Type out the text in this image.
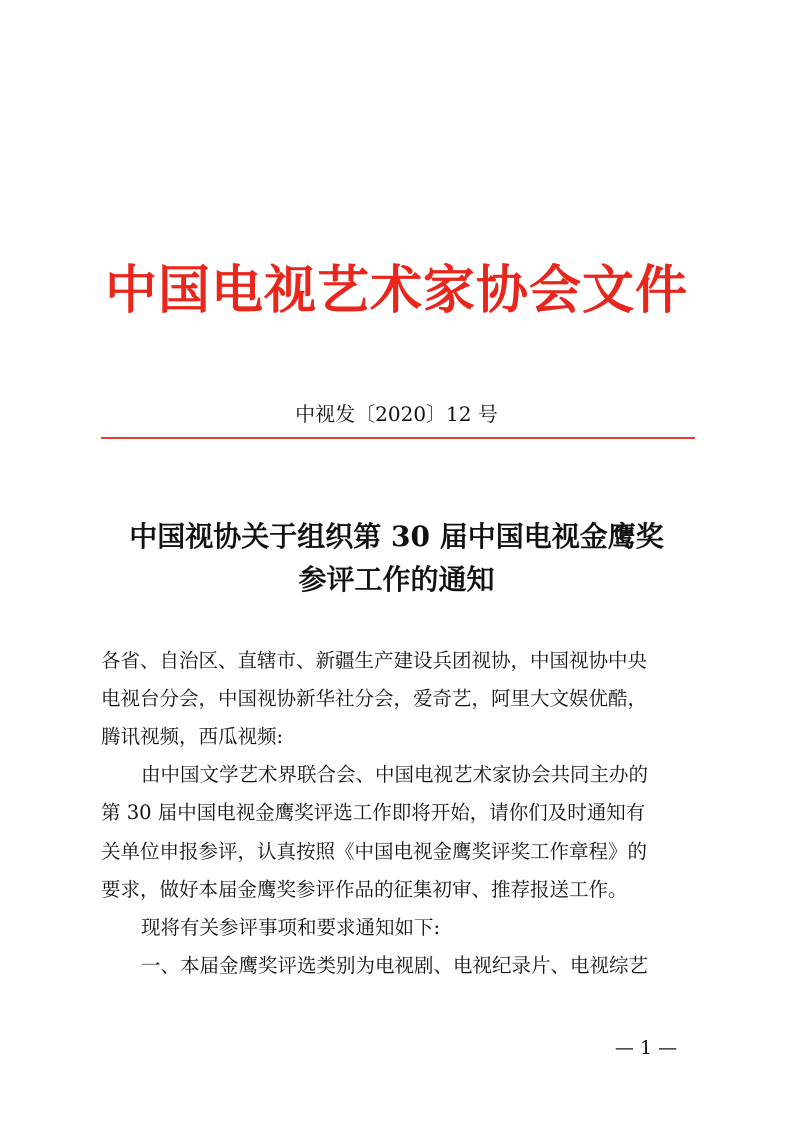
中国电视艺术家协会文件
中视发〔2020〕12 号
中国视协关于组织第 30 届中国电视金鹰奖
参评工作的通知
各省、自治区、直辖市、新疆生产建设兵团视协，中国视协中央
电视台分会，中国视协新华社分会，爱奇艺，阿里大文娱优酷，
腾讯视频，西瓜视频:
由中国文学艺术界联合会、中国电视艺术家协会共同主办的
第 30 届中国电视金鹰奖评选工作即将开始，请你们及时通知有
关单位申报参评，认真按照《中国电视金鹰奖评奖工作章程》的
要求，做好本届金鹰奖参评作品的征集初审、推荐报送工作。
现将有关参评事项和要求通知如下:
一、本届金鹰奖评选类别为电视剧、电视纪录片、电视综艺
— 1 —
